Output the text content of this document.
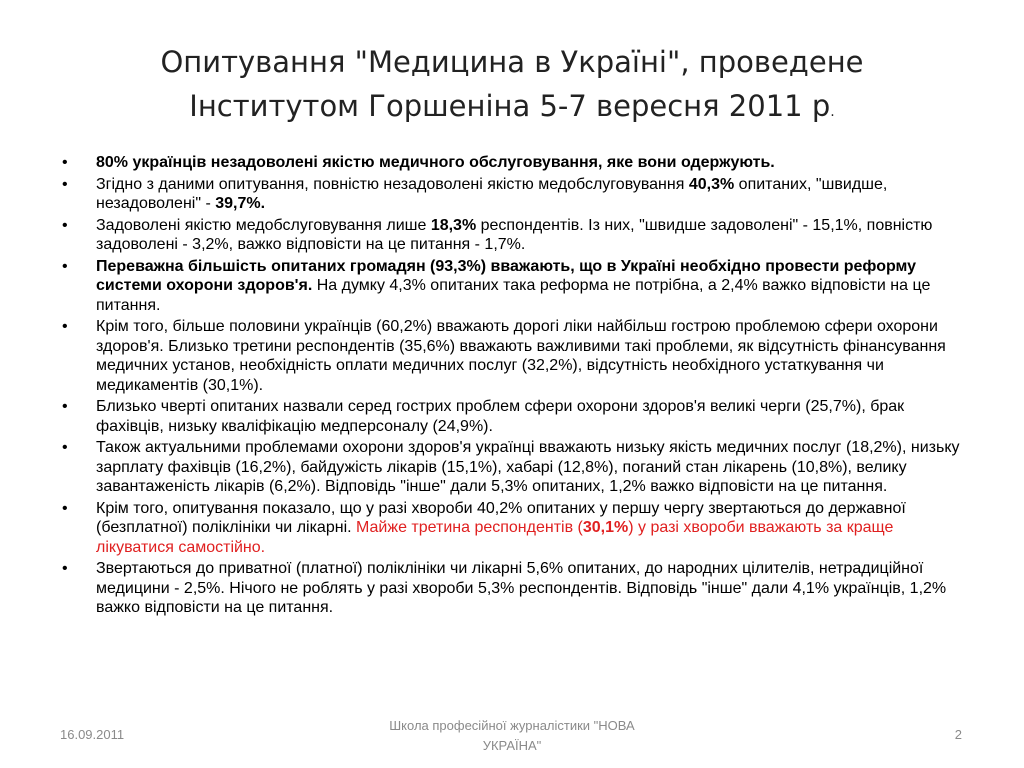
Опитування "Медицина в Україні", проведене
Інститутом Горшеніна 5-7 вересня 2011 р.
• 80% українців незадоволені якістю медичного обслуговування, яке вони одержують.
• Згідно з даними опитування, повністю незадоволені якістю медобслуговування 40,3% опитаних, "швидше, незадоволені" - 39,7%.
• Задоволені якістю медобслуговування лише 18,3% респондентів. Із них, "швидше задоволені" - 15,1%, повністю задоволені - 3,2%, важко відповісти на це питання - 1,7%.
• Переважна більшість опитаних громадян (93,3%) вважають, що в Україні необхідно провести реформу системи охорони здоров'я. На думку 4,3% опитаних така реформа не потрібна, а 2,4% важко відповісти на це питання.
• Крім того, більше половини українців (60,2%) вважають дорогі ліки найбільш гострою проблемою сфери охорони здоров'я. Близько третини респондентів (35,6%) вважають важливими такі проблеми, як відсутність фінансування медичних установ, необхідність оплати медичних послуг (32,2%), відсутність необхідного устаткування чи медикаментів (30,1%).
• Близько чверті опитаних назвали серед гострих проблем сфери охорони здоров'я великі черги (25,7%), брак фахівців, низьку кваліфікацію медперсоналу (24,9%).
• Також актуальними проблемами охорони здоров'я українці вважають низьку якість медичних послуг (18,2%), низьку зарплату фахівців (16,2%), байдужість лікарів (15,1%), хабарі (12,8%), поганий стан лікарень (10,8%), велику завантаженість лікарів (6,2%). Відповідь "інше" дали 5,3% опитаних, 1,2% важко відповісти на це питання.
• Крім того, опитування показало, що у разі хвороби 40,2% опитаних у першу чергу звертаються до державної (безплатної) поліклініки чи лікарні. Майже третина респондентів (30,1%) у разі хвороби вважають за краще лікуватися самостійно.
• Звертаються до приватної (платної) поліклініки чи лікарні 5,6% опитаних, до народних цілителів, нетрадиційної медицини - 2,5%. Нічого не роблять у разі хвороби 5,3% респондентів. Відповідь "інше" дали 4,1% українців, 1,2% важко відповісти на це питання.
16.09.2011
Школа професійної журналістики "НОВА
УКРАЇНА"
2
